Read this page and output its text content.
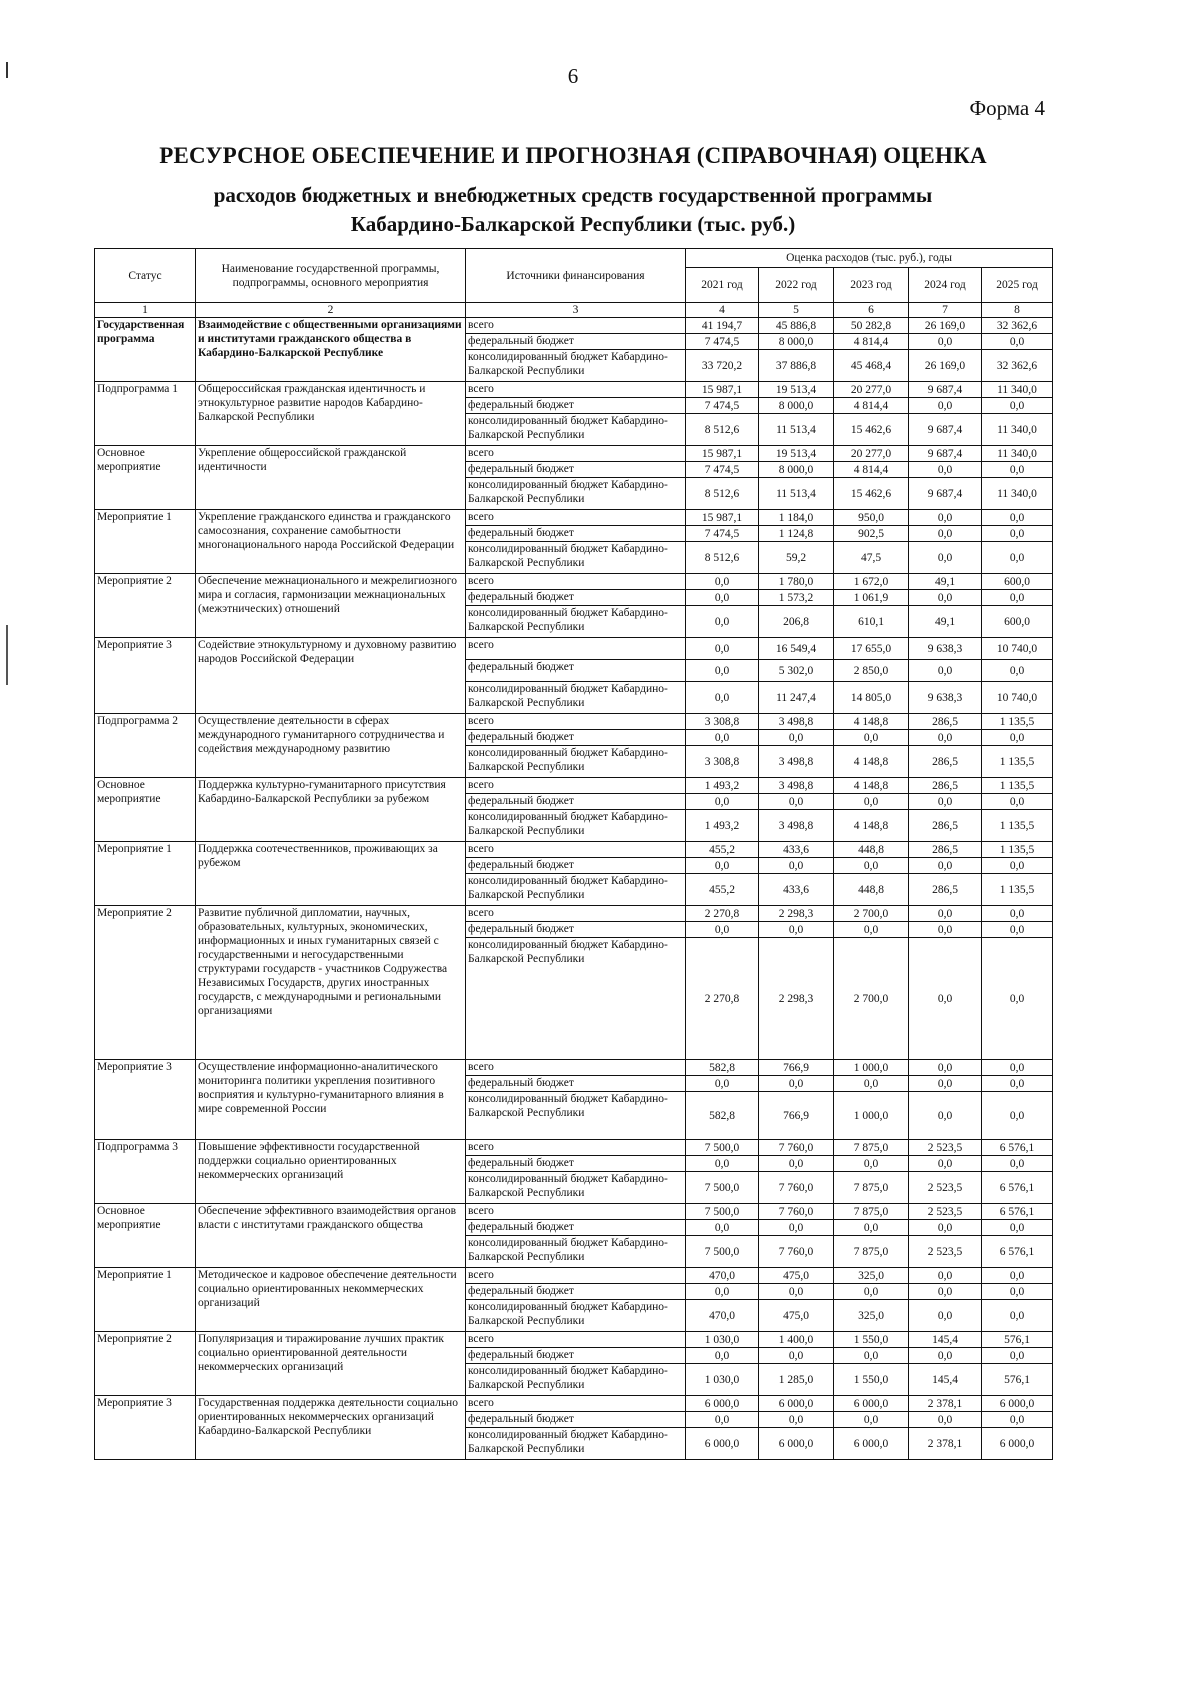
6
Форма 4
РЕСУРСНОЕ ОБЕСПЕЧЕНИЕ И ПРОГНОЗНАЯ (СПРАВОЧНАЯ) ОЦЕНКА
расходов бюджетных и внебюджетных средств государственной программы
Кабардино-Балкарской Республики (тыс. руб.)
Статус	Наименование государственной программы, подпрограммы, основного мероприятия	Источники финансирования	Оценка расходов (тыс. руб.), годы				
			2021 год	2022 год	2023 год	2024 год	2025 год
1	2	3	4	5	6	7	8
Государственная программа	Взаимодействие с общественными организациями и институтами гражданского общества в Кабардино-Балкарской Республике	всего	41 194,7	45 886,8	50 282,8	26 169,0	32 362,6
		федеральный бюджет	7 474,5	8 000,0	4 814,4	0,0	0,0
		консолидированный бюджет Кабардино-Балкарской Республики	33 720,2	37 886,8	45 468,4	26 169,0	32 362,6
Подпрограмма 1	Общероссийская гражданская идентичность и этнокультурное развитие народов Кабардино-Балкарской Республики	всего	15 987,1	19 513,4	20 277,0	9 687,4	11 340,0
		федеральный бюджет	7 474,5	8 000,0	4 814,4	0,0	0,0
		консолидированный бюджет Кабардино-Балкарской Республики	8 512,6	11 513,4	15 462,6	9 687,4	11 340,0
Основное мероприятие	Укрепление общероссийской гражданской идентичности	всего	15 987,1	19 513,4	20 277,0	9 687,4	11 340,0
		федеральный бюджет	7 474,5	8 000,0	4 814,4	0,0	0,0
		консолидированный бюджет Кабардино-Балкарской Республики	8 512,6	11 513,4	15 462,6	9 687,4	11 340,0
Мероприятие 1	Укрепление гражданского единства и гражданского самосознания, сохранение самобытности многонационального народа Российской Федерации	всего	15 987,1	1 184,0	950,0	0,0	0,0
		федеральный бюджет	7 474,5	1 124,8	902,5	0,0	0,0
		консолидированный бюджет Кабардино-Балкарской Республики	8 512,6	59,2	47,5	0,0	0,0
Мероприятие 2	Обеспечение межнационального и межрелигиозного мира и согласия, гармонизации межнациональных (межэтнических) отношений	всего	0,0	1 780,0	1 672,0	49,1	600,0
		федеральный бюджет	0,0	1 573,2	1 061,9	0,0	0,0
		консолидированный бюджет Кабардино-Балкарской Республики	0,0	206,8	610,1	49,1	600,0
Мероприятие 3	Содействие этнокультурному и духовному развитию народов Российской Федерации	всего	0,0	16 549,4	17 655,0	9 638,3	10 740,0
		федеральный бюджет	0,0	5 302,0	2 850,0	0,0	0,0
		консолидированный бюджет Кабардино-Балкарской Республики	0,0	11 247,4	14 805,0	9 638,3	10 740,0
Подпрограмма 2	Осуществление деятельности в сферах международного гуманитарного сотрудничества и содействия международному развитию	всего	3 308,8	3 498,8	4 148,8	286,5	1 135,5
		федеральный бюджет	0,0	0,0	0,0	0,0	0,0
		консолидированный бюджет Кабардино-Балкарской Республики	3 308,8	3 498,8	4 148,8	286,5	1 135,5
Основное мероприятие	Поддержка культурно-гуманитарного присутствия Кабардино-Балкарской Республики за рубежом	всего	1 493,2	3 498,8	4 148,8	286,5	1 135,5
		федеральный бюджет	0,0	0,0	0,0	0,0	0,0
		консолидированный бюджет Кабардино-Балкарской Республики	1 493,2	3 498,8	4 148,8	286,5	1 135,5
Мероприятие 1	Поддержка соотечественников, проживающих за рубежом	всего	455,2	433,6	448,8	286,5	1 135,5
		федеральный бюджет	0,0	0,0	0,0	0,0	0,0
		консолидированный бюджет Кабардино-Балкарской Республики	455,2	433,6	448,8	286,5	1 135,5
Мероприятие 2	Развитие публичной дипломатии, научных, образовательных, культурных, экономических, информационных и иных гуманитарных связей с государственными и негосударственными структурами государств - участников Содружества Независимых Государств, других иностранных государств, с международными и региональными организациями	всего	2 270,8	2 298,3	2 700,0	0,0	0,0
		федеральный бюджет	0,0	0,0	0,0	0,0	0,0
		консолидированный бюджет Кабардино-Балкарской Республики	2 270,8	2 298,3	2 700,0	0,0	0,0
Мероприятие 3	Осуществление информационно-аналитического мониторинга политики укрепления позитивного восприятия и культурно-гуманитарного влияния в мире современной России	всего	582,8	766,9	1 000,0	0,0	0,0
		федеральный бюджет	0,0	0,0	0,0	0,0	0,0
		консолидированный бюджет Кабардино-Балкарской Республики	582,8	766,9	1 000,0	0,0	0,0
Подпрограмма 3	Повышение эффективности государственной поддержки социально ориентированных некоммерческих организаций	всего	7 500,0	7 760,0	7 875,0	2 523,5	6 576,1
		федеральный бюджет	0,0	0,0	0,0	0,0	0,0
		консолидированный бюджет Кабардино-Балкарской Республики	7 500,0	7 760,0	7 875,0	2 523,5	6 576,1
Основное мероприятие	Обеспечение эффективного взаимодействия органов власти с институтами гражданского общества	всего	7 500,0	7 760,0	7 875,0	2 523,5	6 576,1
		федеральный бюджет	0,0	0,0	0,0	0,0	0,0
		консолидированный бюджет Кабардино-Балкарской Республики	7 500,0	7 760,0	7 875,0	2 523,5	6 576,1
Мероприятие 1	Методическое и кадровое обеспечение деятельности социально ориентированных некоммерческих организаций	всего	470,0	475,0	325,0	0,0	0,0
		федеральный бюджет	0,0	0,0	0,0	0,0	0,0
		консолидированный бюджет Кабардино-Балкарской Республики	470,0	475,0	325,0	0,0	0,0
Мероприятие 2	Популяризация и тиражирование лучших практик социально ориентированной деятельности некоммерческих организаций	всего	1 030,0	1 400,0	1 550,0	145,4	576,1
		федеральный бюджет	0,0	0,0	0,0	0,0	0,0
		консолидированный бюджет Кабардино-Балкарской Республики	1 030,0	1 285,0	1 550,0	145,4	576,1
Мероприятие 3	Государственная поддержка деятельности социально ориентированных некоммерческих организаций Кабардино-Балкарской Республики	всего	6 000,0	6 000,0	6 000,0	2 378,1	6 000,0
		федеральный бюджет	0,0	0,0	0,0	0,0	0,0
		консолидированный бюджет Кабардино-Балкарской Республики	6 000,0	6 000,0	6 000,0	2 378,1	6 000,0
